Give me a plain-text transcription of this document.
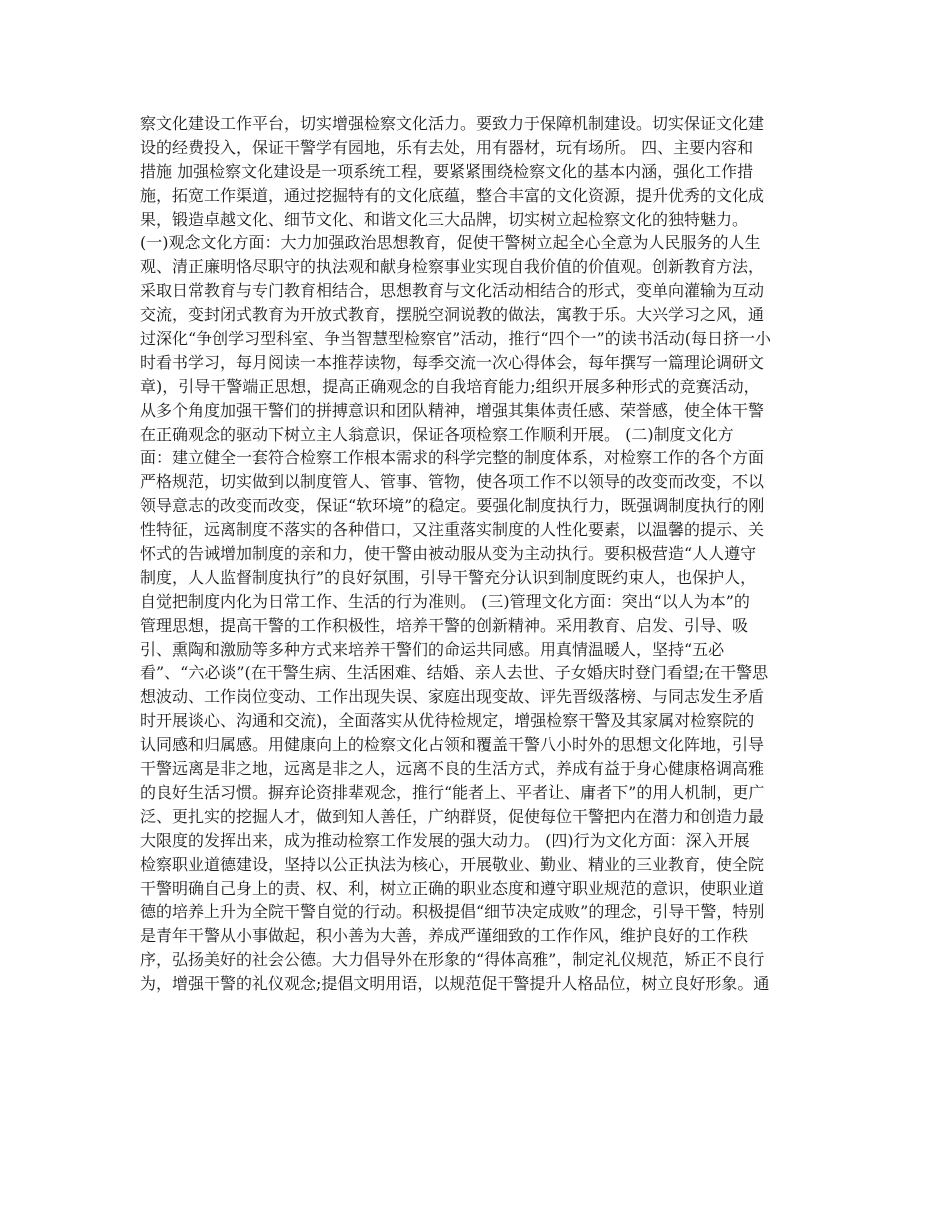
察文化建设工作平台，切实增强检察文化活力。要致力于保障机制建设。切实保证文化建
设的经费投入，保证干警学有园地，乐有去处，用有器材，玩有场所。 四、主要内容和
措施 加强检察文化建设是一项系统工程，要紧紧围绕检察文化的基本内涵，强化工作措
施，拓宽工作渠道，通过挖掘特有的文化底蕴，整合丰富的文化资源，提升优秀的文化成
果，锻造卓越文化、细节文化、和谐文化三大品牌，切实树立起检察文化的独特魅力。
(一)观念文化方面：大力加强政治思想教育，促使干警树立起全心全意为人民服务的人生
观、清正廉明恪尽职守的执法观和献身检察事业实现自我价值的价值观。创新教育方法，
采取日常教育与专门教育相结合，思想教育与文化活动相结合的形式，变单向灌输为互动
交流，变封闭式教育为开放式教育，摆脱空洞说教的做法，寓教于乐。大兴学习之风，通
过深化“争创学习型科室、争当智慧型检察官”活动，推行“四个一”的读书活动(每日挤一小
时看书学习，每月阅读一本推荐读物，每季交流一次心得体会，每年撰写一篇理论调研文
章)，引导干警端正思想，提高正确观念的自我培育能力;组织开展多种形式的竞赛活动，
从多个角度加强干警们的拼搏意识和团队精神，增强其集体责任感、荣誉感，使全体干警
在正确观念的驱动下树立主人翁意识，保证各项检察工作顺利开展。 (二)制度文化方
面：建立健全一套符合检察工作根本需求的科学完整的制度体系，对检察工作的各个方面
严格规范，切实做到以制度管人、管事、管物，使各项工作不以领导的改变而改变，不以
领导意志的改变而改变，保证“软环境”的稳定。要强化制度执行力，既强调制度执行的刚
性特征，远离制度不落实的各种借口，又注重落实制度的人性化要素，以温馨的提示、关
怀式的告诫增加制度的亲和力，使干警由被动服从变为主动执行。要积极营造“人人遵守
制度，人人监督制度执行”的良好氛围，引导干警充分认识到制度既约束人，也保护人，
自觉把制度内化为日常工作、生活的行为准则。 (三)管理文化方面：突出“以人为本”的
管理思想，提高干警的工作积极性，培养干警的创新精神。采用教育、启发、引导、吸
引、熏陶和激励等多种方式来培养干警们的命运共同感。用真情温暖人，坚持“五必
看”、“六必谈”(在干警生病、生活困难、结婚、亲人去世、子女婚庆时登门看望;在干警思
想波动、工作岗位变动、工作出现失误、家庭出现变故、评先晋级落榜、与同志发生矛盾
时开展谈心、沟通和交流)，全面落实从优待检规定，增强检察干警及其家属对检察院的
认同感和归属感。用健康向上的检察文化占领和覆盖干警八小时外的思想文化阵地，引导
干警远离是非之地，远离是非之人，远离不良的生活方式，养成有益于身心健康格调高雅
的良好生活习惯。摒弃论资排辈观念，推行“能者上、平者让、庸者下”的用人机制，更广
泛、更扎实的挖掘人才，做到知人善任，广纳群贤，促使每位干警把内在潜力和创造力最
大限度的发挥出来，成为推动检察工作发展的强大动力。 (四)行为文化方面：深入开展
检察职业道德建设，坚持以公正执法为核心，开展敬业、勤业、精业的三业教育，使全院
干警明确自己身上的责、权、利，树立正确的职业态度和遵守职业规范的意识，使职业道
德的培养上升为全院干警自觉的行动。积极提倡“细节决定成败”的理念，引导干警，特别
是青年干警从小事做起，积小善为大善，养成严谨细致的工作作风，维护良好的工作秩
序，弘扬美好的社会公德。大力倡导外在形象的“得体高雅”，制定礼仪规范，矫正不良行
为，增强干警的礼仪观念;提倡文明用语，以规范促干警提升人格品位，树立良好形象。通
